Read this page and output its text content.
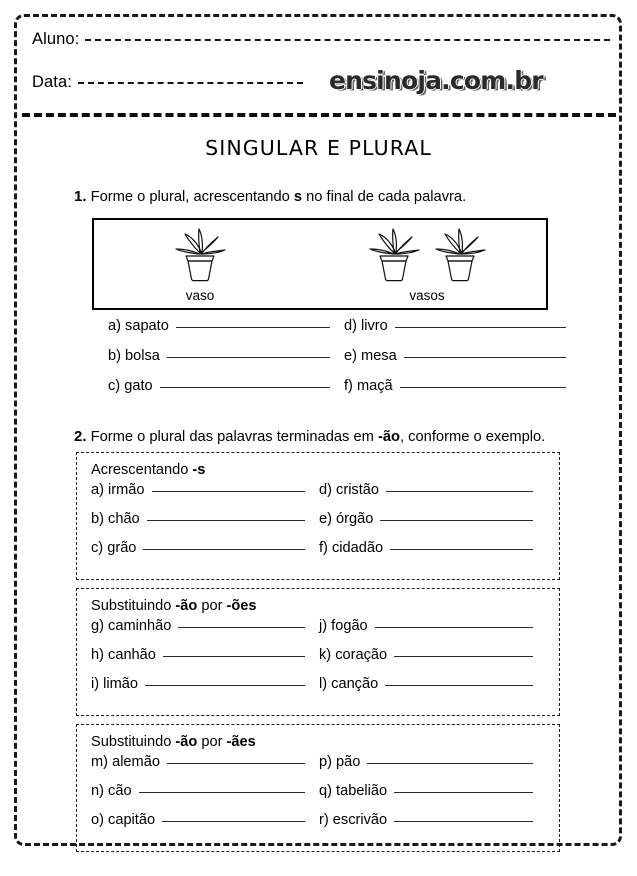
Aluno:
Data:	ensinoja.com.br
SINGULAR E PLURAL
1. Forme o plural, acrescentando s no final de cada palavra.
vaso	vasos
a) sapato	d) livro
b) bolsa	e) mesa
c) gato	f) maçã
2. Forme o plural das palavras terminadas em -ão, conforme o exemplo.
Acrescentando -s
a) irmão	d) cristão
b) chão	e) órgão
c) grão	f) cidadão
Substituindo -ão por -ões
g) caminhão	j) fogão
h) canhão	k) coração
i) limão	l) canção
Substituindo -ão por -ães
m) alemão	p) pão
n) cão	q) tabelião
o) capitão	r) escrivão
